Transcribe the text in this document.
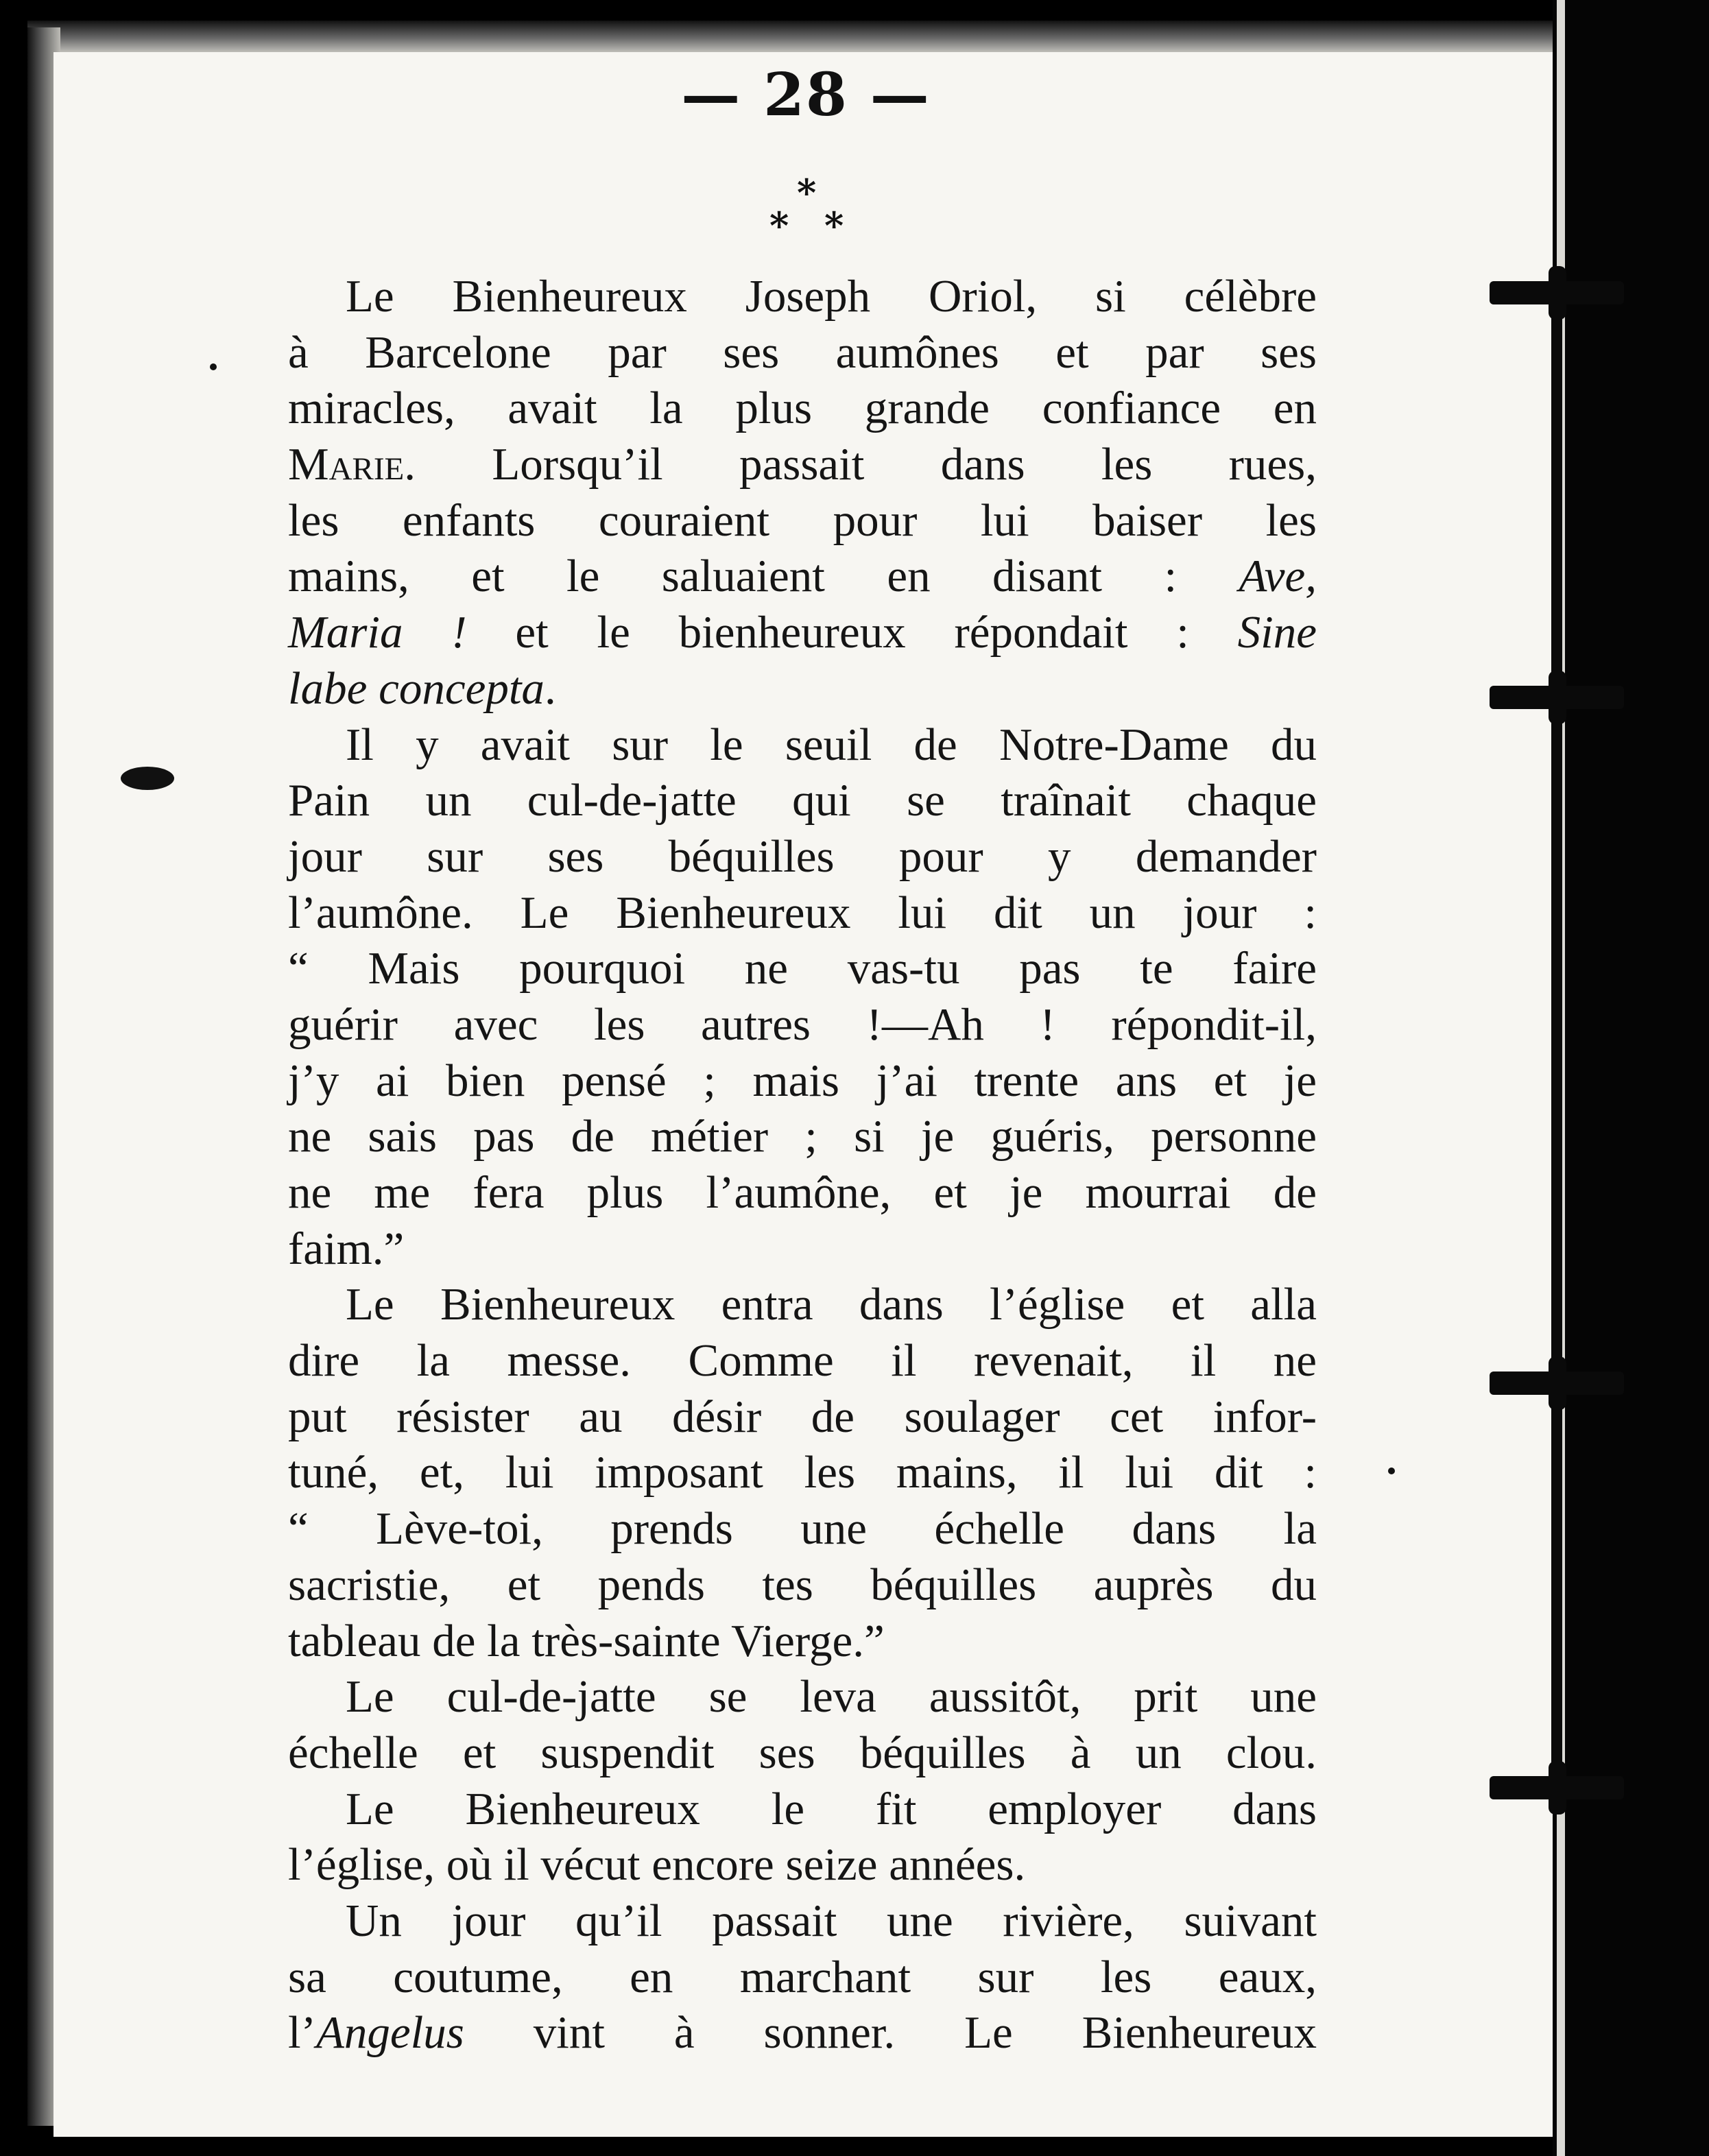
— 28 —
*
* *

Le Bienheureux Joseph Oriol, si célèbre
à Barcelone par ses aumônes et par ses
miracles, avait la plus grande confiance en
Marie. Lorsqu’il passait dans les rues,
les enfants couraient pour lui baiser les
mains, et le saluaient en disant : Ave,
Maria ! et le bienheureux répondait : Sine
labe concepta.

Il y avait sur le seuil de Notre-Dame du
Pain un cul-de-jatte qui se traînait chaque
jour sur ses béquilles pour y demander
l’aumône. Le Bienheureux lui dit un jour :
“ Mais pourquoi ne vas-tu pas te faire
guérir avec les autres !—Ah ! répondit-il,
j’y ai bien pensé ; mais j’ai trente ans et je
ne sais pas de métier ; si je guéris, personne
ne me fera plus l’aumône, et je mourrai de
faim.”

Le Bienheureux entra dans l’église et alla
dire la messe. Comme il revenait, il ne
put résister au désir de soulager cet infor-
tuné, et, lui imposant les mains, il lui dit :
“ Lève-toi, prends une échelle dans la
sacristie, et pends tes béquilles auprès du
tableau de la très-sainte Vierge.”

Le cul-de-jatte se leva aussitôt, prit une
échelle et suspendit ses béquilles à un clou.

Le Bienheureux le fit employer dans
l’église, où il vécut encore seize années.

Un jour qu’il passait une rivière, suivant
sa coutume, en marchant sur les eaux,
l’Angelus vint à sonner. Le Bienheureux
